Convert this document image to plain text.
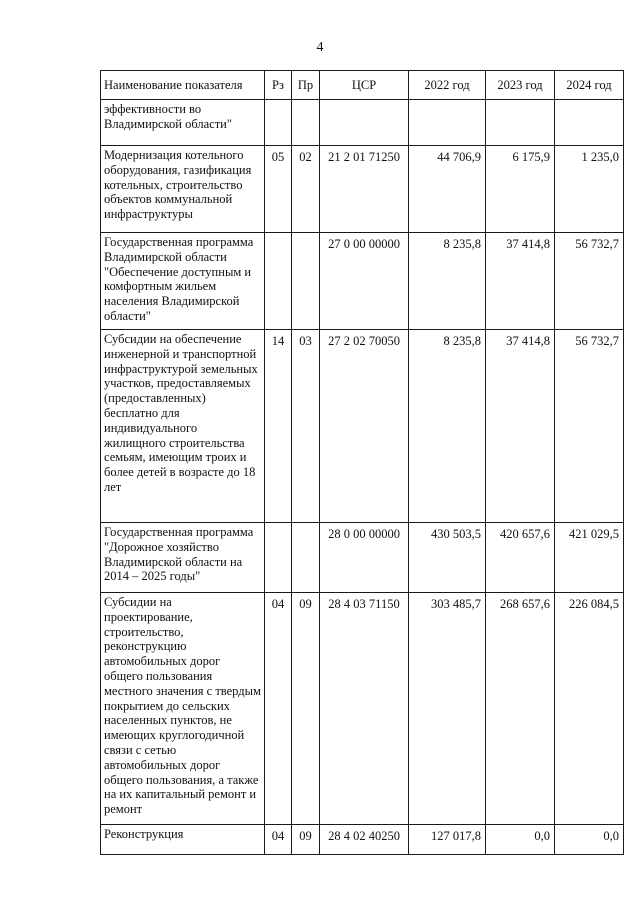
4
Наименование показателя	Рз	Пр	ЦСР	2022 год	2023 год	2024 год

эффективности во Владимирской области"						

Модернизация котельного оборудования, газификация котельных, строительство объектов коммунальной инфраструктуры	05	02	21 2 01 71250	44 706,9	6 175,9	1 235,0

Государственная программа Владимирской области "Обеспечение доступным и комфортным жильем населения Владимирской области"			27 0 00 00000	8 235,8	37 414,8	56 732,7

Субсидии на обеспечение инженерной и транспортной инфраструктурой земельных участков, предоставляемых (предоставленных) бесплатно для индивидуального жилищного строительства семьям, имеющим троих и более детей в возрасте до 18 лет	14	03	27 2 02 70050	8 235,8	37 414,8	56 732,7

Государственная программа "Дорожное хозяйство Владимирской области на 2014 – 2025 годы"			28 0 00 00000	430 503,5	420 657,6	421 029,5

Субсидии на проектирование, строительство, реконструкцию автомобильных дорог общего пользования местного значения с твердым покрытием до сельских населенных пунктов, не имеющих круглогодичной связи с сетью автомобильных дорог общего пользования, а также на их капитальный ремонт и ремонт	04	09	28 4 03 71150	303 485,7	268 657,6	226 084,5

Реконструкция	04	09	28 4 02 40250	127 017,8	0,0	0,0
